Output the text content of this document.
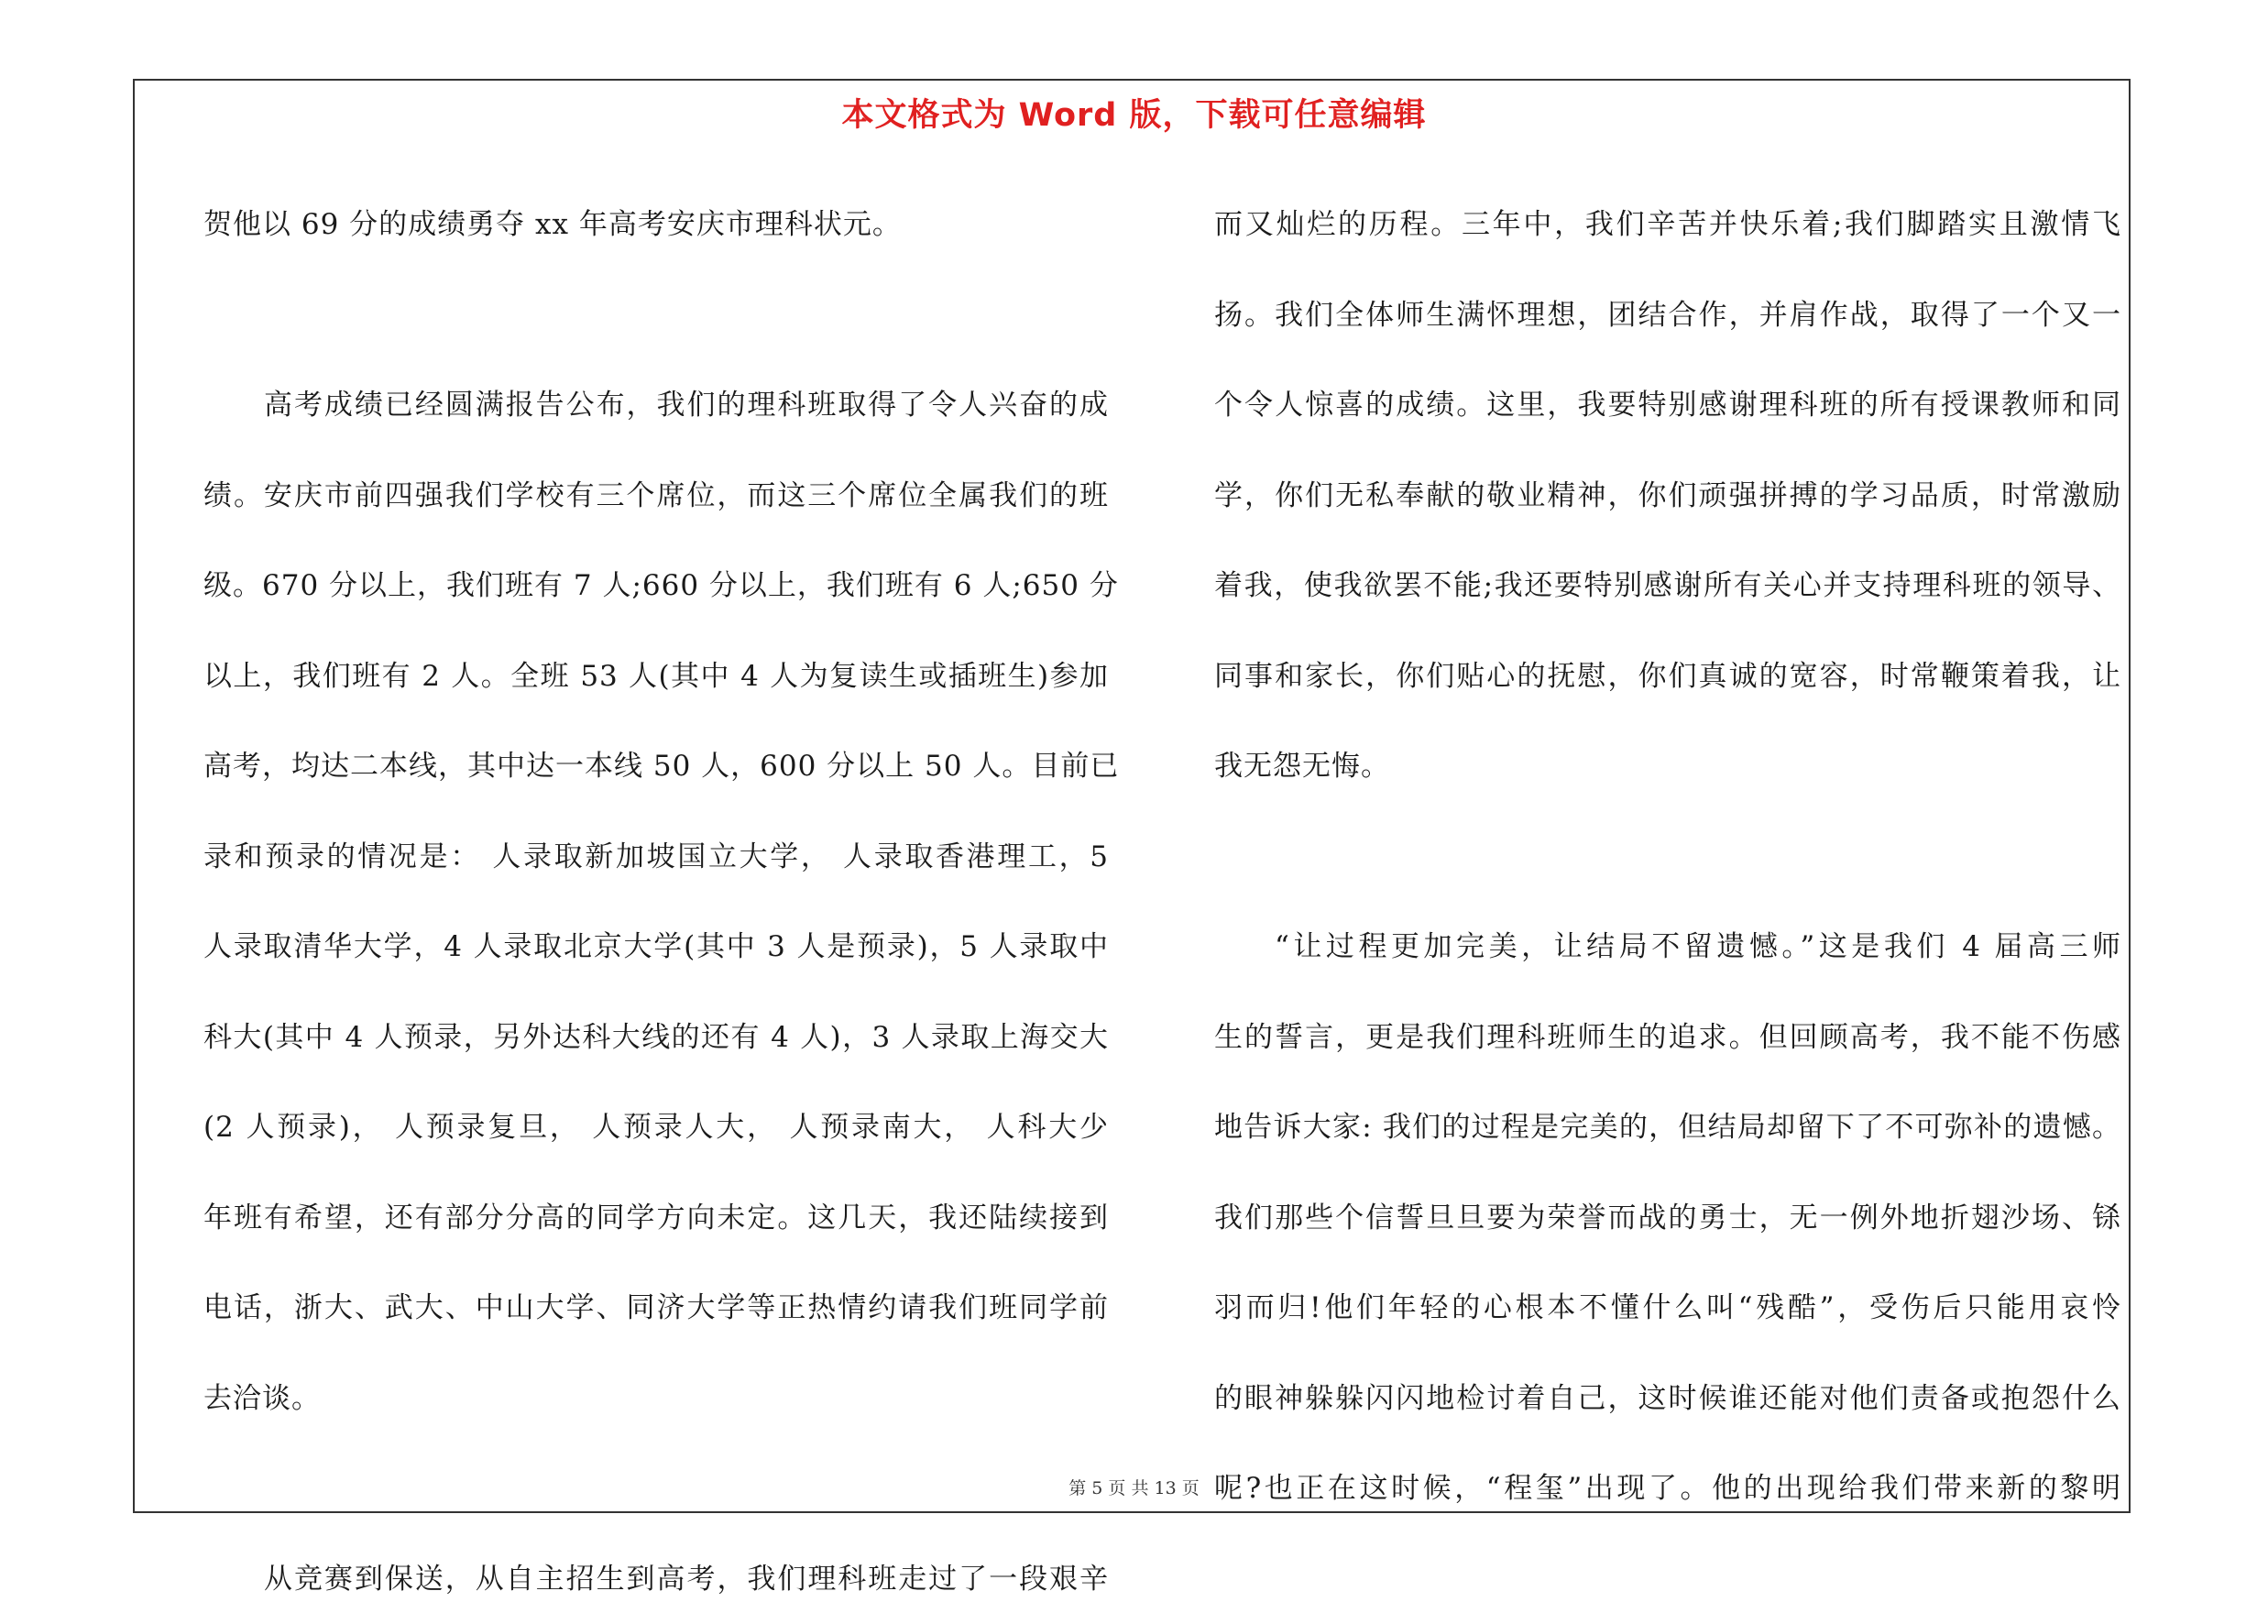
本文格式为 Word 版，下载可任意编辑
贺他以 69 分的成绩勇夺 xx 年高考安庆市理科状元。
高考成绩已经圆满报告公布，我们的理科班取得了令人兴奋的成
绩。安庆市前四强我们学校有三个席位，而这三个席位全属我们的班
级。670 分以上，我们班有 7 人;660 分以上，我们班有 6 人;650 分
以上，我们班有 2 人。全班 53 人(其中 4 人为复读生或插班生)参加
高考，均达二本线，其中达一本线 50 人，600 分以上 50 人。目前已
录和预录的情况是： 人录取新加坡国立大学， 人录取香港理工，5
人录取清华大学，4 人录取北京大学(其中 3 人是预录)，5 人录取中
科大(其中 4 人预录，另外达科大线的还有 4 人)，3 人录取上海交大
(2 人预录)， 人预录复旦， 人预录人大， 人预录南大， 人科大少
年班有希望，还有部分分高的同学方向未定。这几天，我还陆续接到
电话，浙大、武大、中山大学、同济大学等正热情约请我们班同学前
去洽谈。
从竞赛到保送，从自主招生到高考，我们理科班走过了一段艰辛
而又灿烂的历程。三年中，我们辛苦并快乐着;我们脚踏实且激情飞
扬。我们全体师生满怀理想，团结合作，并肩作战，取得了一个又一
个令人惊喜的成绩。这里，我要特别感谢理科班的所有授课教师和同
学，你们无私奉献的敬业精神，你们顽强拼搏的学习品质，时常激励
着我，使我欲罢不能;我还要特别感谢所有关心并支持理科班的领导、
同事和家长，你们贴心的抚慰，你们真诚的宽容，时常鞭策着我，让
我无怨无悔。
“让过程更加完美，让结局不留遗憾。”这是我们 4 届高三师
生的誓言，更是我们理科班师生的追求。但回顾高考，我不能不伤感
地告诉大家: 我们的过程是完美的，但结局却留下了不可弥补的遗憾。
我们那些个信誓旦旦要为荣誉而战的勇士，无一例外地折翅沙场、铩
羽而归!他们年轻的心根本不懂什么叫“残酷”，受伤后只能用哀怜
的眼神躲躲闪闪地检讨着自己，这时候谁还能对他们责备或抱怨什么
呢?也正在这时候，“程玺”出现了。他的出现给我们带来新的黎明
第 5 页 共 13 页
